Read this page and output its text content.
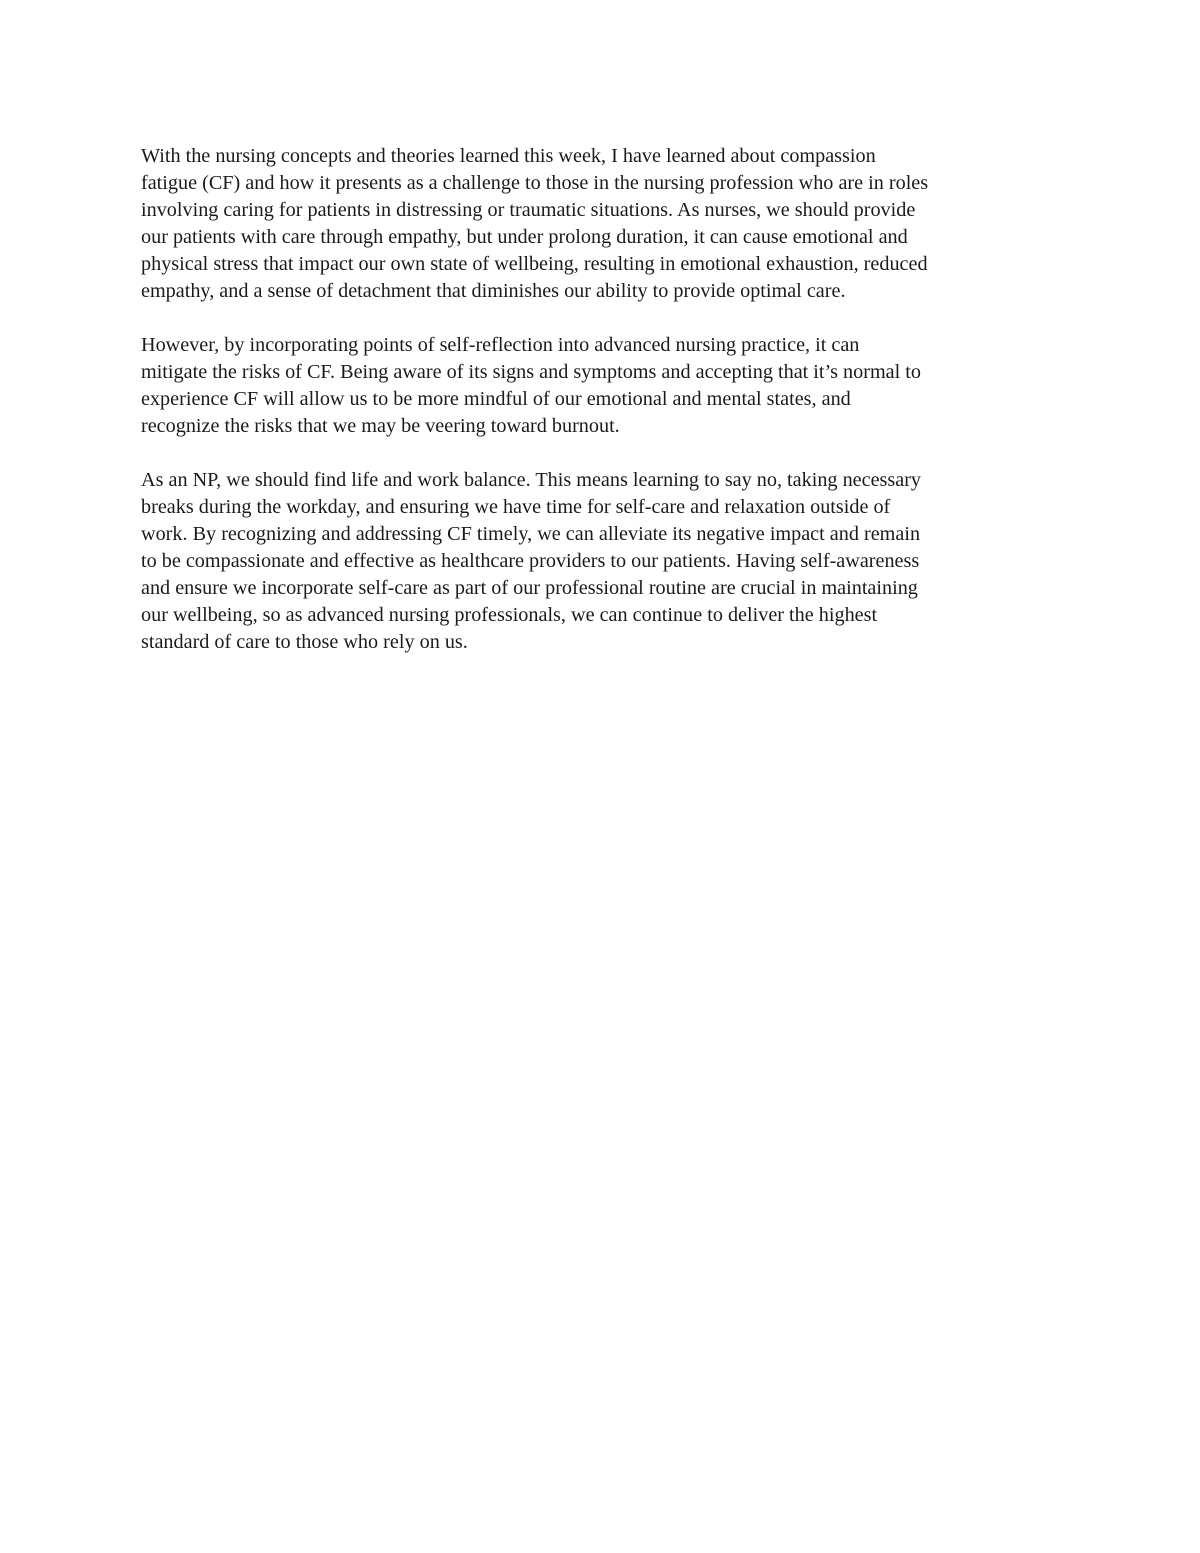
With the nursing concepts and theories learned this week, I have learned about compassion
fatigue (CF) and how it presents as a challenge to those in the nursing profession who are in roles
involving caring for patients in distressing or traumatic situations. As nurses, we should provide
our patients with care through empathy, but under prolong duration, it can cause emotional and
physical stress that impact our own state of wellbeing, resulting in emotional exhaustion, reduced
empathy, and a sense of detachment that diminishes our ability to provide optimal care.

However, by incorporating points of self-reflection into advanced nursing practice, it can
mitigate the risks of CF. Being aware of its signs and symptoms and accepting that it’s normal to
experience CF will allow us to be more mindful of our emotional and mental states, and
recognize the risks that we may be veering toward burnout.

As an NP, we should find life and work balance. This means learning to say no, taking necessary
breaks during the workday, and ensuring we have time for self-care and relaxation outside of
work. By recognizing and addressing CF timely, we can alleviate its negative impact and remain
to be compassionate and effective as healthcare providers to our patients. Having self-awareness
and ensure we incorporate self-care as part of our professional routine are crucial in maintaining
our wellbeing, so as advanced nursing professionals, we can continue to deliver the highest
standard of care to those who rely on us.
